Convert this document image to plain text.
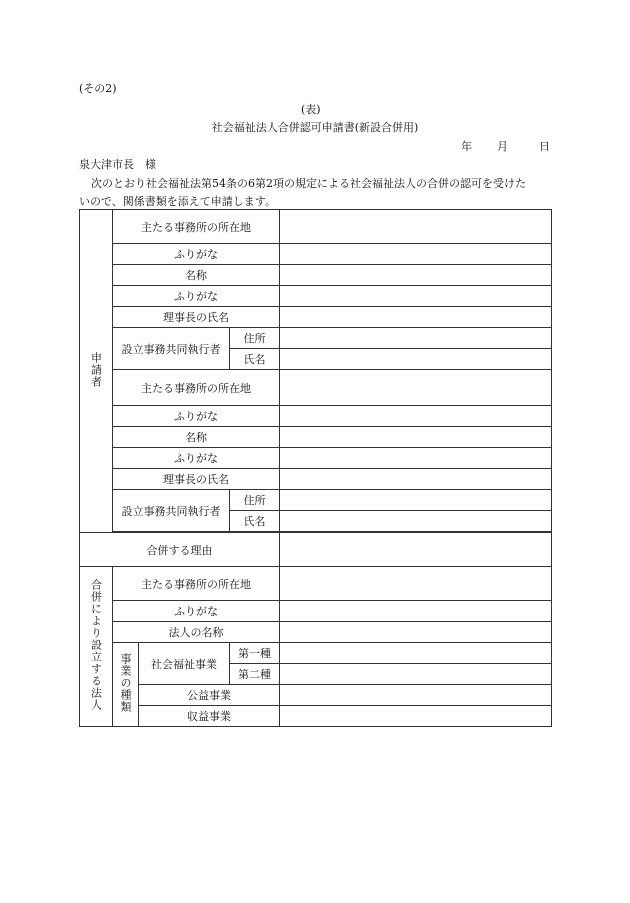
(その2)
(表)
社会福祉法人合併認可申請書(新設合併用)
年 月	日
泉大津市長　様
次のとおり社会福祉法第54条の6第2項の規定による社会福祉法人の合併の認可を受けた
いので、関係書類を添えて申請します。
申請者	主たる事務所の所在地			
	ふりがな			
	名称			
	ふりがな			
	理事長の氏名			
	設立事務共同執行者		住所	
			氏名	
	主たる事務所の所在地			
	ふりがな			
	名称			
	ふりがな			
	理事長の氏名			
	設立事務共同執行者		住所	
			氏名	

合併する理由				
合併により設立する法人	主たる事務所の所在地			
	ふりがな			
	法人の名称			
	事業の種類	社会福祉事業	第一種	
			第二種	
		公益事業		
		収益事業		
